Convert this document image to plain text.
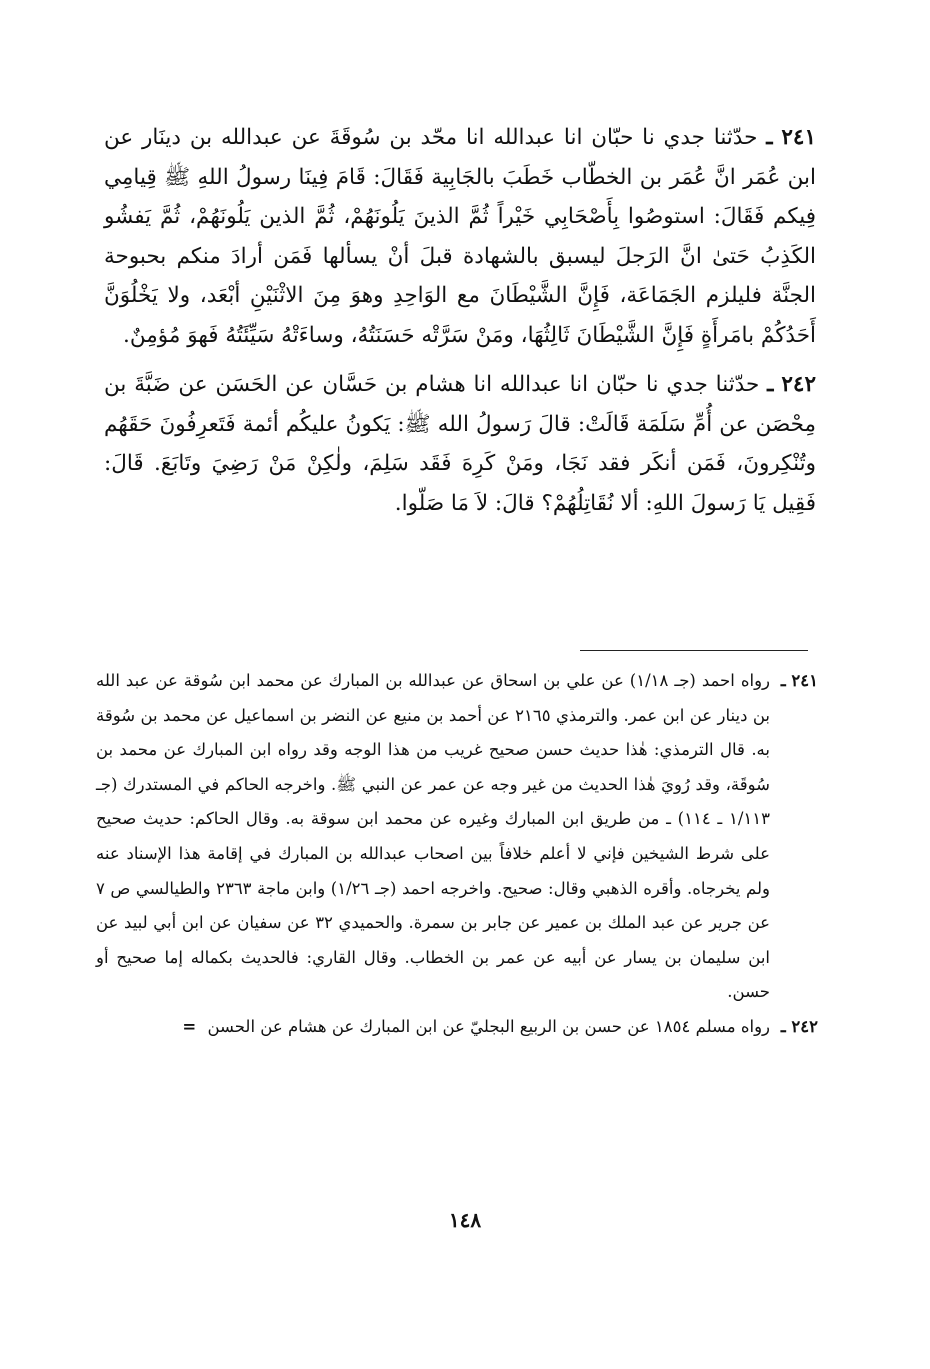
٢٤١ ـ حدّثنا جدي نا حبّان انا عبدالله انا محّد بن سُوقَةَ عن عبدالله بن دينَار عن ابن عُمَر انَّ عُمَر بن الخطّاب خَطَبَ بالجَابِية فَقَالَ: قَامَ فِينَا رسولُ اللهِ ﷺ قِيامِي فِيكم فَقَالَ: استوصُوا بِأَصْحَابِي خَيْراً ثُمَّ الذينَ يَلُونَهُمْ، ثُمَّ الذين يَلُونَهُمْ، ثُمَّ يَفشُو الكَذِبُ حَتىٰ انَّ الرَجلَ ليسبق بالشهادة قبلَ أنْ يسألها فَمَن أرادَ منكم بحبوحة الجنَّة فليلزم الجَمَاعَة، فَإِنَّ الشَّيْطَانَ مع الوَاحِدِ وهوَ مِنَ الاثْنَيْنِ أبْعَد، ولا يَخْلُوَنَّ أَحَدُكُمْ بامَرأَةٍ فَإِنَّ الشَّيْطَانَ ثَالِثُهَا، ومَنْ سَرَّتْه حَسَنَتُهُ، وساءَتْهُ سَيِّئَتُهُ فَهوَ مُؤمِنٌ.

٢٤٢ ـ حدّثنا جدي نا حبّان انا عبدالله انا هشام بن حَسَّان عن الحَسَن عن ضَبَّةَ بن مِحْصَن عن أُمِّ سَلَمَة قَالَتْ: قالَ رَسولُ الله ﷺ: يَكونُ عليكُم أئمة فَتَعرِفُونَ حَقَهُم وتُنْكِرونَ، فَمَن أنكَر فقد نَجَا، ومَنْ كَرِهَ فَقَد سَلِمَ، ولٰكِنْ مَنْ رَضِيَ وتَابَعَ. قَالَ: فَقِيل يَا رَسولَ اللهِ: ألا نُقَاتِلُهُمْ؟ قالَ: لاَ مَا صَلّوا.

٢٤١ ـ
رواه احمد (جـ ١/١٨) عن علي بن اسحاق عن عبدالله بن المبارك عن محمد ابن سُوقة عن عبد الله بن دينار عن ابن عمر. والترمذي ٢١٦٥ عن أحمد بن منيع عن النضر بن اسماعيل عن محمد بن سُوقة به. قال الترمذي: هٰذا حديث حسن صحيح غريب من هذا الوجه وقد رواه ابن المبارك عن محمد بن سُوقَة، وقد رُويَ هٰذا الحديث من غير وجه عن عمر عن النبي ﷺ. واخرجه الحاكم في المستدرك (جـ ١/١١٣ ـ ١١٤) ـ من طريق ابن المبارك وغيره عن محمد ابن سوقة به. وقال الحاكم: حديث صحيح على شرط الشيخين فإني لا أعلم خلافاً بين اصحاب عبدالله بن المبارك في إقامة هذا الإسناد عنه ولم يخرجاه. وأقره الذهبي وقال: صحيح. واخرجه احمد (جـ ١/٢٦) وابن ماجة ٢٣٦٣ والطيالسي ص ٧ عن جرير عن عبد الملك بن عمير عن جابر بن سمرة. والحميدي ٣٢ عن سفيان عن ابن أبي لبيد عن ابن سليمان بن يسار عن أبيه عن عمر بن الخطاب. وقال القاري: فالحديث بكماله إما صحيح أو حسن.
٢٤٢ ـ
رواه مسلم ١٨٥٤ عن حسن بن الربيع البجليّ عن ابن المبارك عن هشام عن الحسن =
١٤٨
